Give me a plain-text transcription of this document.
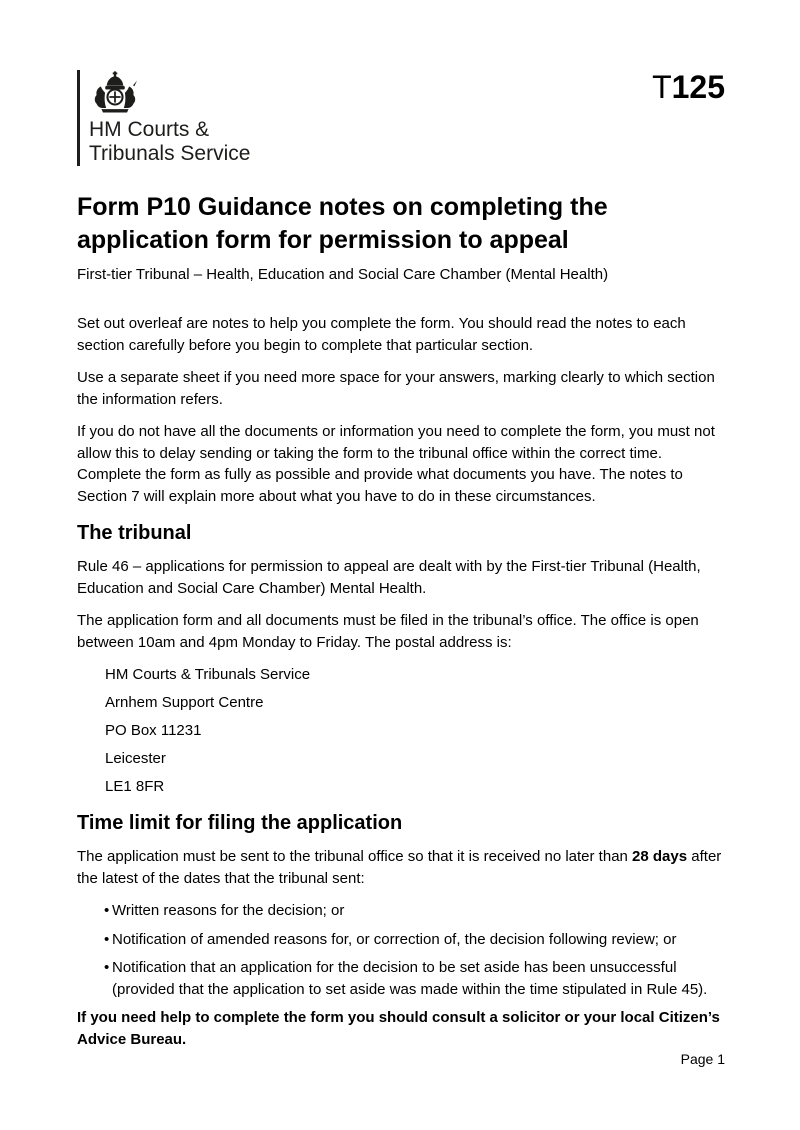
HM Courts &
Tribunals Service
T125
Form P10 Guidance notes on completing the application form for permission to appeal

First-tier Tribunal – Health, Education and Social Care Chamber (Mental Health)

Set out overleaf are notes to help you complete the form. You should read the notes to each section carefully before you begin to complete that particular section.

Use a separate sheet if you need more space for your answers, marking clearly to which section the information refers.

If you do not have all the documents or information you need to complete the form, you must not allow this to delay sending or taking the form to the tribunal office within the correct time. Complete the form as fully as possible and provide what documents you have. The notes to Section 7 will explain more about what you have to do in these circumstances.

The tribunal

Rule 46 – applications for permission to appeal are dealt with by the First-tier Tribunal (Health, Education and Social Care Chamber) Mental Health.

The application form and all documents must be filed in the tribunal’s office. The office is open between 10am and 4pm Monday to Friday. The postal address is:

HM Courts & Tribunals Service

Arnhem Support Centre

PO Box 11231

Leicester

LE1 8FR

Time limit for filing the application

The application must be sent to the tribunal office so that it is received no later than 28 days after the latest of the dates that the tribunal sent:

• Written reasons for the decision; or
• Notification of amended reasons for, or correction of, the decision following review; or
• Notification that an application for the decision to be set aside has been unsuccessful (provided that the application to set aside was made within the time stipulated in Rule 45).

If you need help to complete the form you should consult a solicitor or your local Citizen’s Advice Bureau.

Page 1
